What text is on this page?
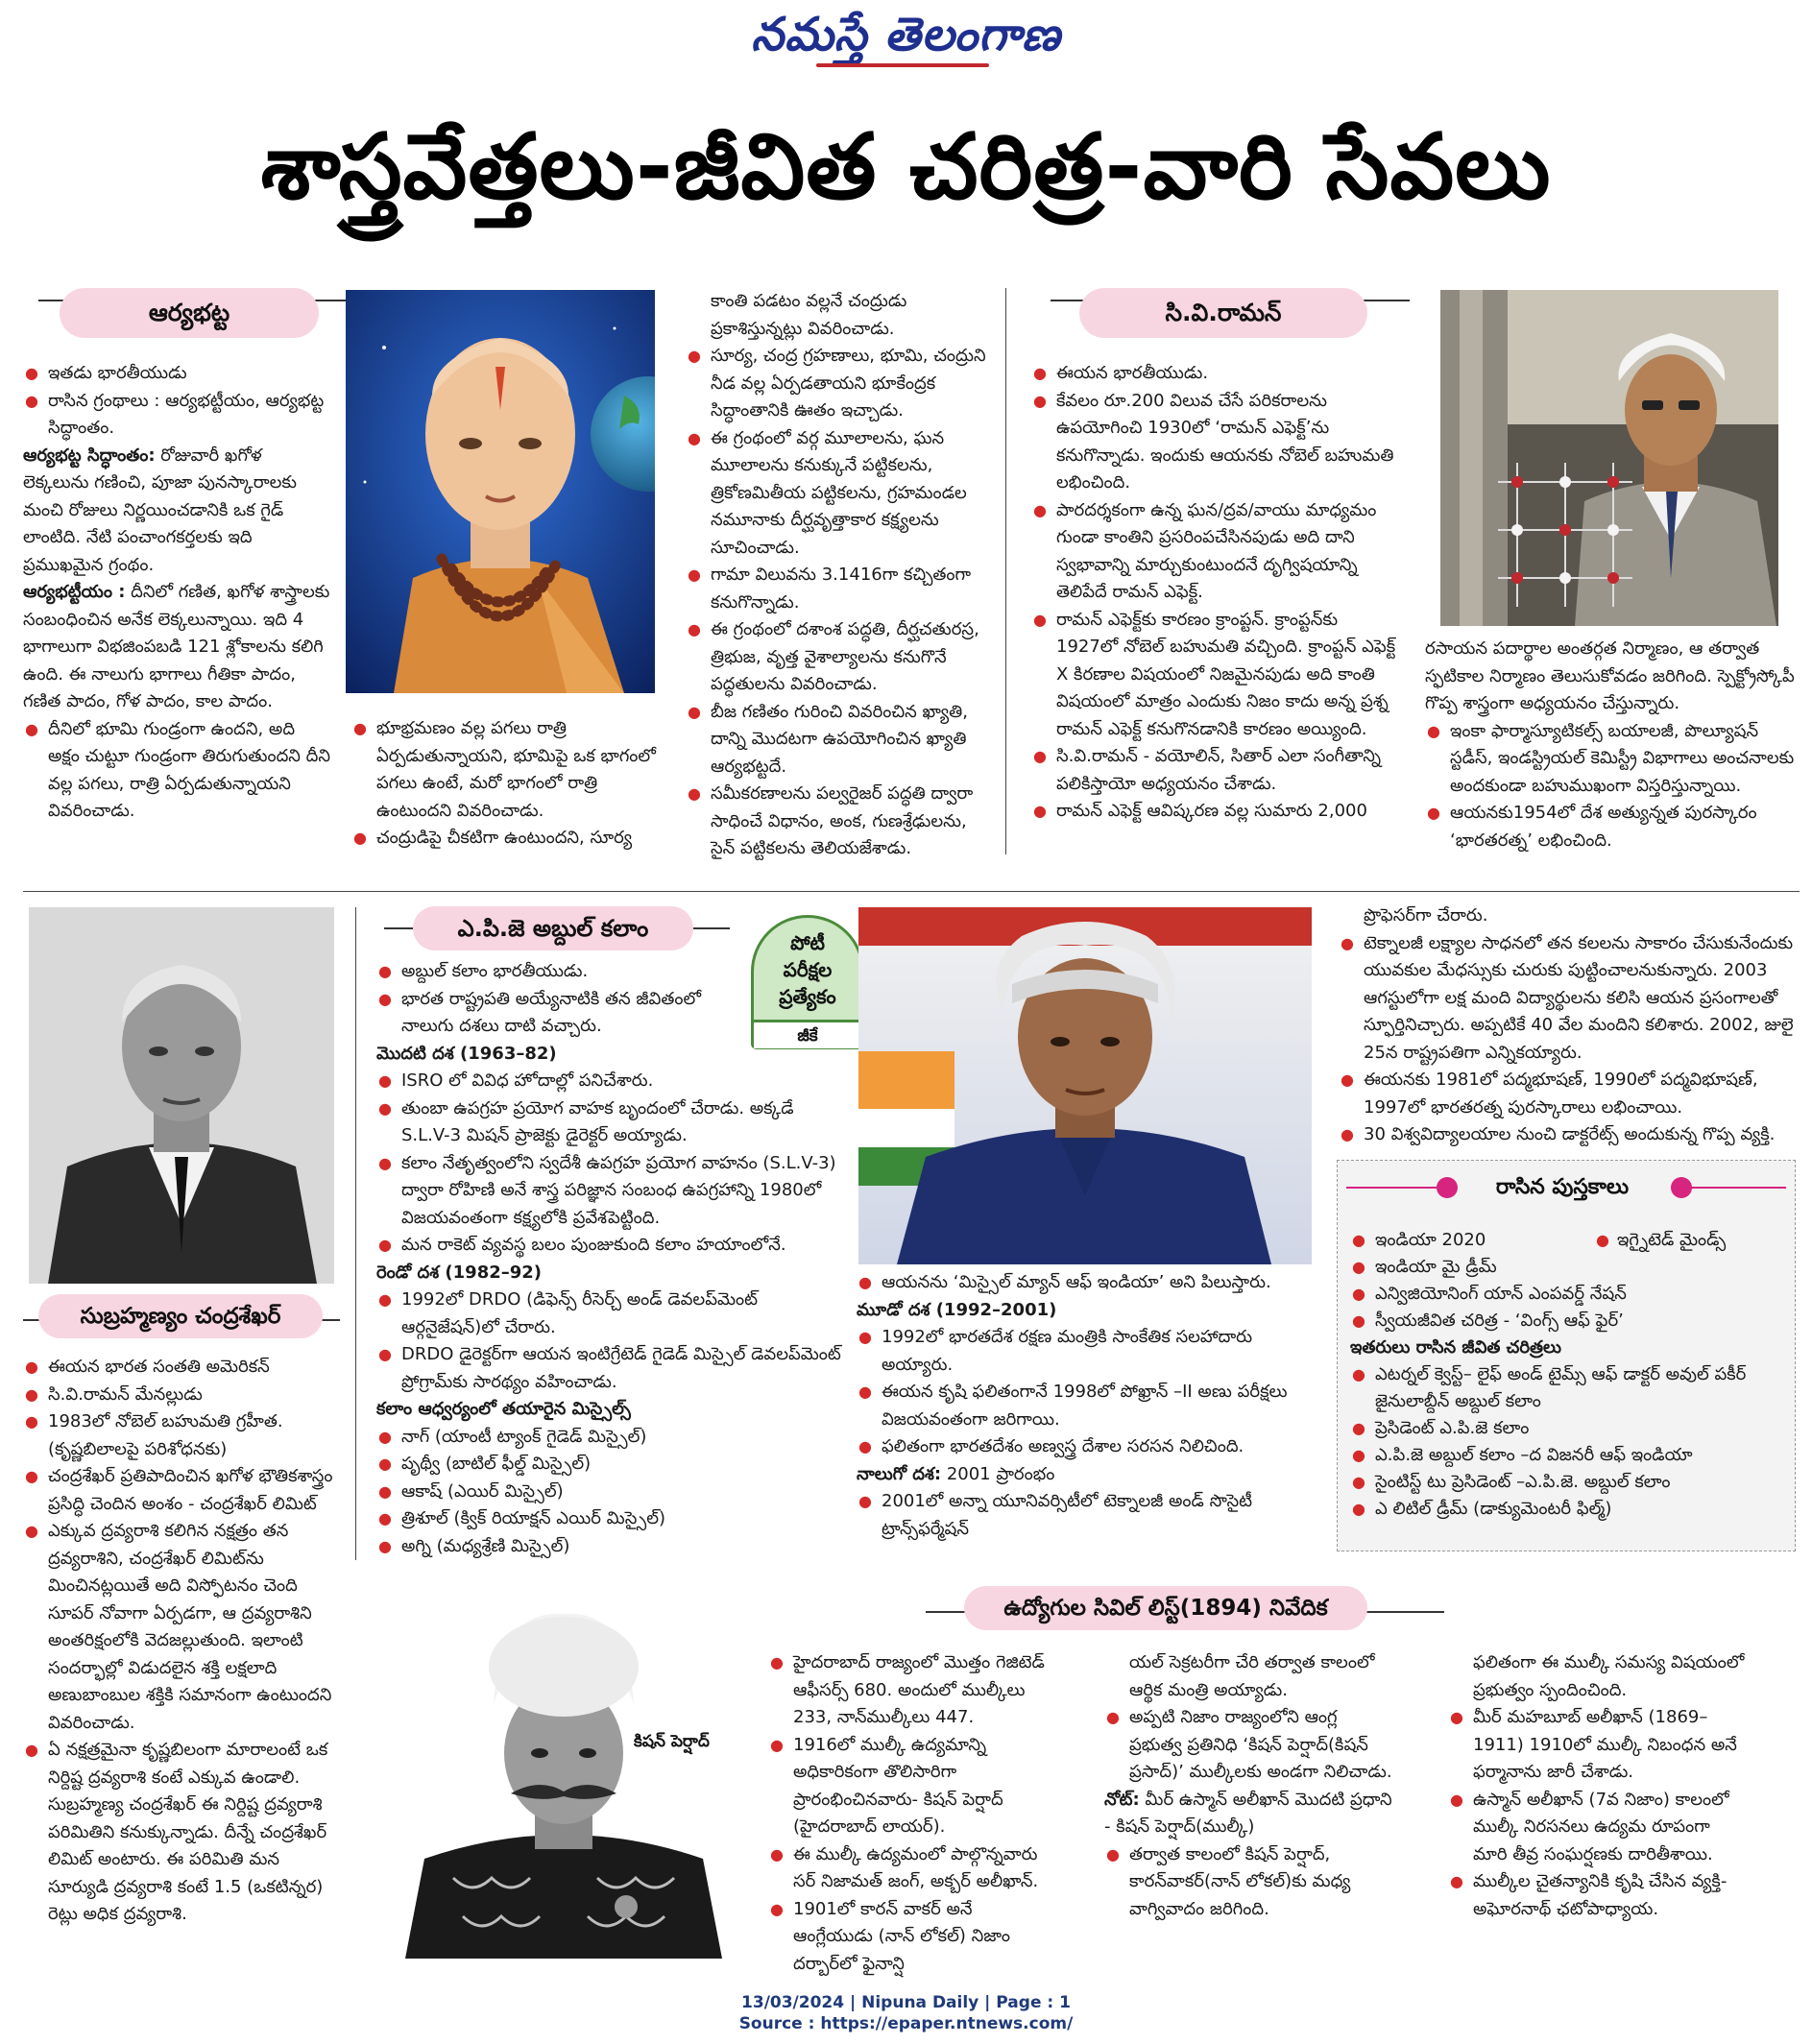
నమస్తే తెలంగాణ
శాస్త్రవేత్తలు-జీవిత చరిత్ర-వారి సేవలు
ఆర్యభట్ట
● ఇతడు భారతీయుడు
● రాసిన గ్రంథాలు : ఆర్యభట్టీయం, ఆర్యభట్ట సిద్ధాంతం.

ఆర్యభట్ట సిద్ధాంతం: రోజువారీ ఖగోళ లెక్కలును గణించి, పూజా పునస్కారాలకు మంచి రోజులు నిర్ణయించడానికి ఒక గైడ్ లాంటిది. నేటి పంచాంగకర్తలకు ఇది ప్రముఖమైన గ్రంథం.

ఆర్యభట్టీయం : దీనిలో గణిత, ఖగోళ శాస్త్రాలకు సంబంధించిన అనేక లెక్కలున్నాయి. ఇది 4 భాగాలుగా విభజింపబడి 121 శ్లోకాలను కలిగి ఉంది. ఈ నాలుగు భాగాలు గీతికా పాదం, గణిత పాదం, గోళ పాదం, కాల పాదం.

● దీనిలో భూమి గుండ్రంగా ఉందని, అది అక్షం చుట్టూ గుండ్రంగా తిరుగుతుందని దీని వల్ల పగలు, రాత్రి ఏర్పడుతున్నాయని వివరించాడు.
● భూభ్రమణం వల్ల పగలు రాత్రి ఏర్పడుతున్నాయని, భూమిపై ఒక భాగంలో పగలు ఉంటే, మరో భాగంలో రాత్రి ఉంటుందని వివరించాడు.
● చంద్రుడిపై చీకటిగా ఉంటుందని, సూర్య

కాంతి పడటం వల్లనే చంద్రుడు ప్రకాశిస్తున్నట్లు వివరించాడు.

● సూర్య, చంద్ర గ్రహణాలు, భూమి, చంద్రుని నీడ వల్ల ఏర్పడతాయని భూకేంద్రక సిద్ధాంతానికి ఊతం ఇచ్చాడు.
● ఈ గ్రంథంలో వర్గ మూలాలను, ఘన మూలాలను కనుక్కునే పట్టికలను, త్రికోణమితీయ పట్టికలను, గ్రహమండల నమూనాకు దీర్ఘవృత్తాకార కక్ష్యలను సూచించాడు.
● గామా విలువను 3.1416గా కచ్చితంగా కనుగొన్నాడు.
● ఈ గ్రంథంలో దశాంశ పద్ధతి, దీర్ఘచతురస్ర, త్రిభుజ, వృత్త వైశాల్యాలను కనుగొనే పద్ధతులను వివరించాడు.
● బీజ గణితం గురించి వివరించిన ఖ్యాతి, దాన్ని మొదటగా ఉపయోగించిన ఖ్యాతి ఆర్యభట్టదే.
● సమీకరణాలను పల్వరైజర్ పద్ధతి ద్వారా సాధించే విధానం, అంక, గుణశ్రేఢులను, సైన్ పట్టికలను తెలియజేశాడు.
సి.వి.రామన్
● ఈయన భారతీయుడు.
● కేవలం రూ.200 విలువ చేసే పరికరాలను ఉపయోగించి 1930లో ‘రామన్ ఎఫెక్ట్’ను కనుగొన్నాడు. ఇందుకు ఆయనకు నోబెల్ బహుమతి లభించింది.
● పారదర్శకంగా ఉన్న ఘన/ద్రవ/వాయు మాధ్యమం గుండా కాంతిని ప్రసరింపచేసినపుడు అది దాని స్వభావాన్ని మార్చుకుంటుందనే దృగ్విషయాన్ని తెలిపేదే రామన్ ఎఫెక్ట్.
● రామన్ ఎఫెక్ట్‌కు కారణం క్రాంప్టన్. క్రాంప్టన్‌కు 1927లో నోబెల్ బహుమతి వచ్చింది. క్రాంప్టన్ ఎఫెక్ట్ X కిరణాల విషయంలో నిజమైనపుడు అది కాంతి విషయంలో మాత్రం ఎందుకు నిజం కాదు అన్న ప్రశ్న రామన్ ఎఫెక్ట్ కనుగొనడానికి కారణం అయ్యింది.
● సి.వి.రామన్ - వయోలిన్, సితార్ ఎలా సంగీతాన్ని పలికిస్తాయో అధ్యయనం చేశాడు.
● రామన్ ఎఫెక్ట్ ఆవిష్కరణ వల్ల సుమారు 2,000

రసాయన పదార్థాల అంతర్గత నిర్మాణం, ఆ తర్వాత స్ఫటికాల నిర్మాణం తెలుసుకోవడం జరిగింది. స్పెక్ట్రోస్కోపీ గొప్ప శాస్త్రంగా అధ్యయనం చేస్తున్నారు.

● ఇంకా ఫార్మాస్యూటికల్స్ బయాలజీ, పొల్యూషన్ స్టడీస్, ఇండస్ట్రియల్ కెమిస్ట్రీ విభాగాలు అంచనాలకు అందకుండా బహుముఖంగా విస్తరిస్తున్నాయి.
● ఆయనకు1954లో దేశ అత్యున్నత పురస్కారం ‘భారతరత్న’ లభించింది.
సుబ్రహ్మణ్యం చంద్రశేఖర్
● ఈయన భారత సంతతి అమెరికన్
● సి.వి.రామన్ మేనల్లుడు
● 1983లో నోబెల్ బహుమతి గ్రహీత. (కృష్ణబిలాలపై పరిశోధనకు)
● చంద్రశేఖర్ ప్రతిపాదించిన ఖగోళ భౌతికశాస్త్రం ప్రసిద్ధి చెందిన అంశం - చంద్రశేఖర్ లిమిట్
● ఎక్కువ ద్రవ్యరాశి కలిగిన నక్షత్రం తన ద్రవ్యరాశిని, చంద్రశేఖర్ లిమిట్‌ను మించినట్లయితే అది విస్ఫోటనం చెంది సూపర్ నోవాగా ఏర్పడగా, ఆ ద్రవ్యరాశిని అంతరిక్షంలోకి వెదజల్లుతుంది. ఇలాంటి సందర్భాల్లో విడుదలైన శక్తి లక్షలాది అణుబాంబుల శక్తికి సమానంగా ఉంటుందని వివరించాడు.
● ఏ నక్షత్రమైనా కృష్ణబిలంగా మారాలంటే ఒక నిర్దిష్ట ద్రవ్యరాశి కంటే ఎక్కువ ఉండాలి. సుబ్రహ్మణ్య చంద్రశేఖర్ ఈ నిర్దిష్ట ద్రవ్యరాశి పరిమితిని కనుక్కున్నాడు. దీన్నే చంద్రశేఖర్ లిమిట్ అంటారు. ఈ పరిమితి మన సూర్యుడి ద్రవ్యరాశి కంటే 1.5 (ఒకటిన్నర) రెట్లు అధిక ద్రవ్యరాశి.
ఎ.పి.జె అబ్దుల్ కలాం
పోటీ
పరీక్షల
ప్రత్యేకం
జీకే
● అబ్దుల్ కలాం భారతీయుడు.
● భారత రాష్ట్రపతి అయ్యేనాటికి తన జీవితంలో నాలుగు దశలు దాటి వచ్చారు.

మొదటి దశ (1963–82)

● ISRO లో వివిధ హోదాల్లో పనిచేశారు.
● తుంబా ఉపగ్రహ ప్రయోగ వాహక బృందంలో చేరాడు. అక్కడే S.L.V-3 మిషన్ ప్రాజెక్టు డైరెక్టర్ అయ్యాడు.
● కలాం నేతృత్వంలోని స్వదేశీ ఉపగ్రహ ప్రయోగ వాహనం (S.L.V-3) ద్వారా రోహిణి అనే శాస్త్ర పరిజ్ఞాన సంబంధ ఉపగ్రహాన్ని 1980లో విజయవంతంగా కక్ష్యలోకి ప్రవేశపెట్టింది.
● మన రాకెట్ వ్యవస్థ బలం పుంజుకుంది కలాం హయాంలోనే.

రెండో దశ (1982–92)

● 1992లో DRDO (డిఫెన్స్ రీసెర్చ్ అండ్ డెవలప్‌మెంట్ ఆర్గనైజేషన్)లో చేరారు.
● DRDO డైరెక్టర్‌గా ఆయన ఇంటిగ్రేటెడ్ గైడెడ్ మిస్సైల్ డెవలప్‌మెంట్ ప్రోగ్రామ్‌కు సారథ్యం వహించాడు.

కలాం ఆధ్వర్యంలో తయారైన మిస్సైల్స్

● నాగ్ (యాంటీ ట్యాంక్ గైడెడ్ మిస్సైల్)
● పృథ్వీ (బాటిల్ ఫీల్డ్ మిస్సైల్)
● ఆకాష్ (ఎయిర్ మిస్సైల్)
● త్రిశూల్ (క్విక్ రియాక్షన్ ఎయిర్ మిస్సైల్)
● అగ్ని (మధ్యశ్రేణి మిస్సైల్)
● ఆయనను ‘మిస్సైల్ మ్యాన్ ఆఫ్ ఇండియా’ అని పిలుస్తారు.

మూడో దశ (1992–2001)

● 1992లో భారతదేశ రక్షణ మంత్రికి సాంకేతిక సలహాదారు అయ్యారు.
● ఈయన కృషి ఫలితంగానే 1998లో పోఖ్రాన్ –II అణు పరీక్షలు విజయవంతంగా జరిగాయి.
● ఫలితంగా భారతదేశం అణ్వస్త్ర దేశాల సరసన నిలిచింది.

నాలుగో దశ: 2001 ప్రారంభం

● 2001లో అన్నా యూనివర్సిటీలో టెక్నాలజీ అండ్ సొసైటీ ట్రాన్స్‌ఫర్మేషన్

ప్రొఫెసర్‌గా చేరారు.

● టెక్నాలజీ లక్ష్యాల సాధనలో తన కలలను సాకారం చేసుకునేందుకు యువకుల మేధస్సుకు చురుకు పుట్టించాలనుకున్నారు. 2003 ఆగస్టులోగా లక్ష మంది విద్యార్థులను కలిసి ఆయన ప్రసంగాలతో స్ఫూర్తినిచ్చారు. అప్పటికే 40 వేల మందిని కలిశారు. 2002, జులై 25న రాష్ట్రపతిగా ఎన్నికయ్యారు.
● ఈయనకు 1981లో పద్మభూషణ్, 1990లో పద్మవిభూషణ్, 1997లో భారతరత్న పురస్కారాలు లభించాయి.
● 30 విశ్వవిద్యాలయాల నుంచి డాక్టరేట్స్ అందుకున్న గొప్ప వ్యక్తి.
రాసిన పుస్తకాలు
● ఇండియా 2020	● ఇగ్నైటెడ్ మైండ్స్
● ఇండియా మై డ్రీమ్
● ఎన్విజియోనింగ్ యాన్ ఎంపవర్డ్ నేషన్
● స్వీయజీవిత చరిత్ర - ‘వింగ్స్ ఆఫ్ ఫైర్’

ఇతరులు రాసిన జీవిత చరిత్రలు

● ఎటర్నల్ క్వెస్ట్– లైఫ్ అండ్ టైమ్స్ ఆఫ్ డాక్టర్ అవుల్ పకీర్ జైనులాబ్దీన్ అబ్దుల్ కలాం
● ప్రెసిడెంట్ ఎ.పి.జె కలాం
● ఎ.పి.జె అబ్దుల్ కలాం –ద విజనరీ ఆఫ్ ఇండియా
● సైంటిస్ట్ టు ప్రెసిడెంట్ –ఎ.పి.జె. అబ్దుల్ కలాం
● ఎ లిటిల్ డ్రీమ్ (డాక్యుమెంటరీ ఫిల్మ్)
కిషన్ పెర్షాద్
ఉద్యోగుల సివిల్ లిస్ట్(1894) నివేదిక
● హైదరాబాద్ రాజ్యంలో మొత్తం గెజిటెడ్ ఆఫీసర్స్ 680. అందులో ముల్కీలు 233, నాన్‌ముల్కీలు 447.
● 1916లో ముల్కీ ఉద్యమాన్ని అధికారికంగా తొలిసారిగా ప్రారంభించినవారు- కిషన్ పెర్షాద్ (హైదరాబాద్ లాయర్).
● ఈ ముల్కీ ఉద్యమంలో పాల్గొన్నవారు సర్ నిజామత్ జంగ్, అక్బర్ అలీఖాన్.
● 1901లో కారన్ వాకర్ అనే ఆంగ్లేయుడు (నాన్ లోకల్) నిజాం దర్బార్‌లో ఫైనాన్షి

యల్ సెక్రటరీగా చేరి తర్వాత కాలంలో ఆర్థిక మంత్రి అయ్యాడు.

● అప్పటి నిజాం రాజ్యంలోని ఆంగ్ల ప్రభుత్వ ప్రతినిధి ‘కిషన్ పెర్షాద్(కిషన్ ప్రసాద్)’ ముల్కీలకు అండగా నిలిచాడు.

నోట్: మీర్ ఉస్మాన్ అలీఖాన్ మొదటి ప్రధాని - కిషన్ పెర్షాద్(ముల్కీ)

● తర్వాత కాలంలో కిషన్ పెర్షాద్, కారన్‌వాకర్(నాన్ లోకల్)కు మధ్య వాగ్వివాదం జరిగింది.

ఫలితంగా ఈ ముల్కీ సమస్య విషయంలో ప్రభుత్వం స్పందించింది.

● మీర్ మహబూబ్ అలీఖాన్ (1869–1911) 1910లో ముల్కీ నిబంధన అనే ఫర్మానాను జారీ చేశాడు.
● ఉస్మాన్ అలీఖాన్ (7వ నిజాం) కాలంలో ముల్కీ నిరసనలు ఉద్యమ రూపంగా మారి తీవ్ర సంఘర్షణకు దారితీశాయి.
● ముల్కీల చైతన్యానికి కృషి చేసిన వ్యక్తి- అఘోరనాథ్ ఛటోపాధ్యాయ.
13/03/2024 | Nipuna Daily | Page : 1
Source : https://epaper.ntnews.com/
